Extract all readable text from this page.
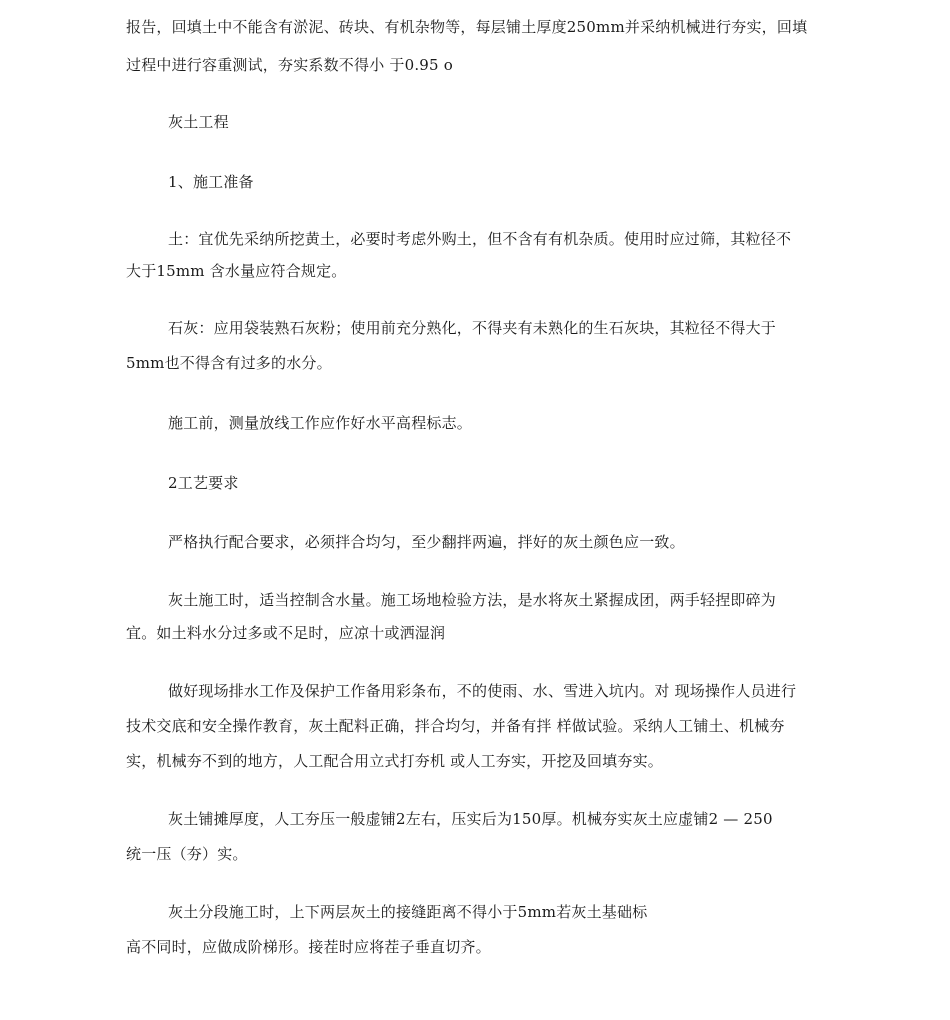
报告，回填土中不能含有淤泥、砖块、有机杂物等，每层铺土厚度250mm并采纳机械进行夯实，回填
过程中进行容重测试，夯实系数不得小 于0.95 o
灰土工程
1、施工准备
土：宜优先采纳所挖黄土，必要时考虑外购土，但不含有有机杂质。使用时应过筛，其粒径不
大于15mm 含水量应符合规定。
石灰：应用袋装熟石灰粉；使用前充分熟化，不得夹有未熟化的生石灰块，其粒径不得大于
5mm也不得含有过多的水分。
施工前，测量放线工作应作好水平高程标志。
2工艺要求
严格执行配合要求，必须拌合均匀，至少翻拌两遍，拌好的灰土颜色应一致。
灰土施工时，适当控制含水量。施工场地检验方法，是水将灰土紧握成团，两手轻捏即碎为
宜。如土料水分过多或不足时，应凉十或洒湿润
做好现场排水工作及保护工作备用彩条布，不的使雨、水、雪进入坑内。对 现场操作人员进行
技术交底和安全操作教育，灰土配料正确，拌合均匀，并备有拌 样做试验。采纳人工铺土、机械夯
实，机械夯不到的地方，人工配合用立式打夯机 或人工夯实，开挖及回填夯实。
灰土铺摊厚度，人工夯压一般虚铺2左右，压实后为150厚。机械夯实灰土应虚铺2 — 250
统一压（夯）实。
灰土分段施工时，上下两层灰土的接缝距离不得小于5mm若灰土基础标
高不同时，应做成阶梯形。接茬时应将茬子垂直切齐。
